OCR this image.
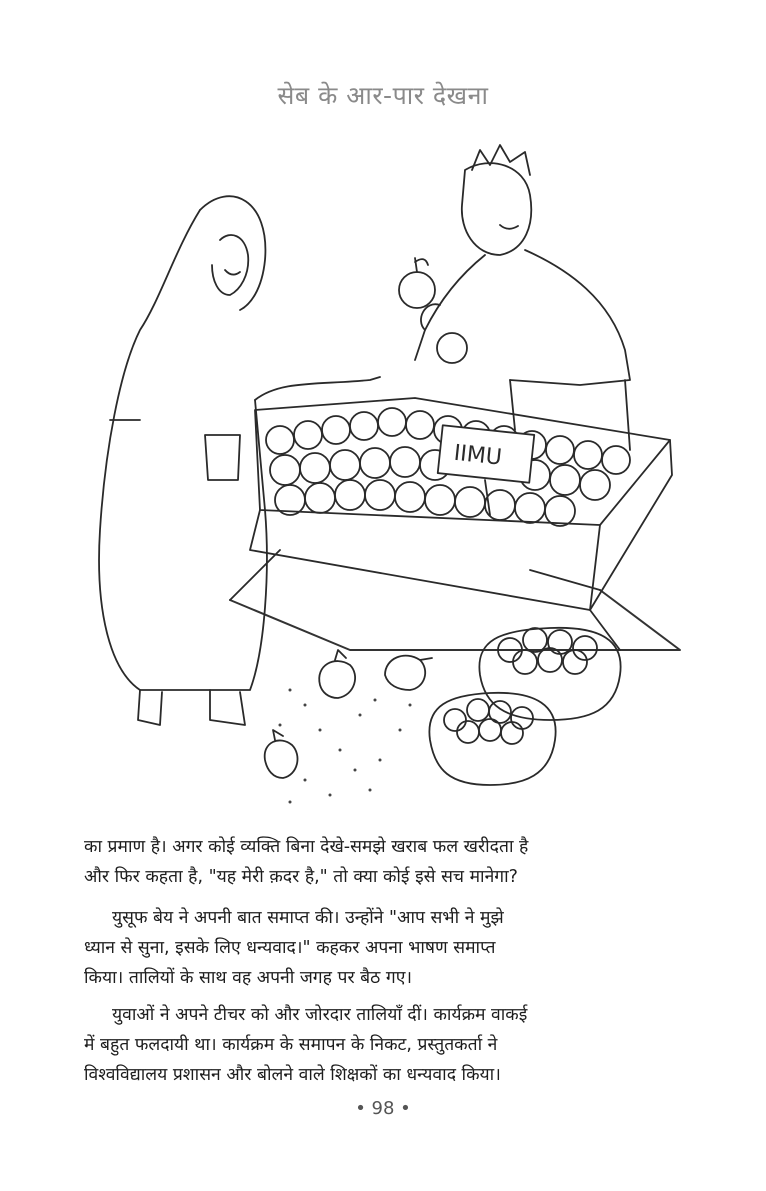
सेब के आर-पार देखना
IIMU

का प्रमाण है। अगर कोई व्यक्ति बिना देखे-समझे खराब फल खरीदता है

और फिर कहता है, "यह मेरी क़दर है," तो क्या कोई इसे सच मानेगा?

युसूफ बेय ने अपनी बात समाप्त की। उन्होंने "आप सभी ने मुझे

ध्यान से सुना, इसके लिए धन्यवाद।" कहकर अपना भाषण समाप्त

किया। तालियों के साथ वह अपनी जगह पर बैठ गए।

युवाओं ने अपने टीचर को और जोरदार तालियाँ दीं। कार्यक्रम वाकई

में बहुत फलदायी था। कार्यक्रम के समापन के निकट, प्रस्तुतकर्ता ने

विश्वविद्यालय प्रशासन और बोलने वाले शिक्षकों का धन्यवाद किया।

• 98 •
